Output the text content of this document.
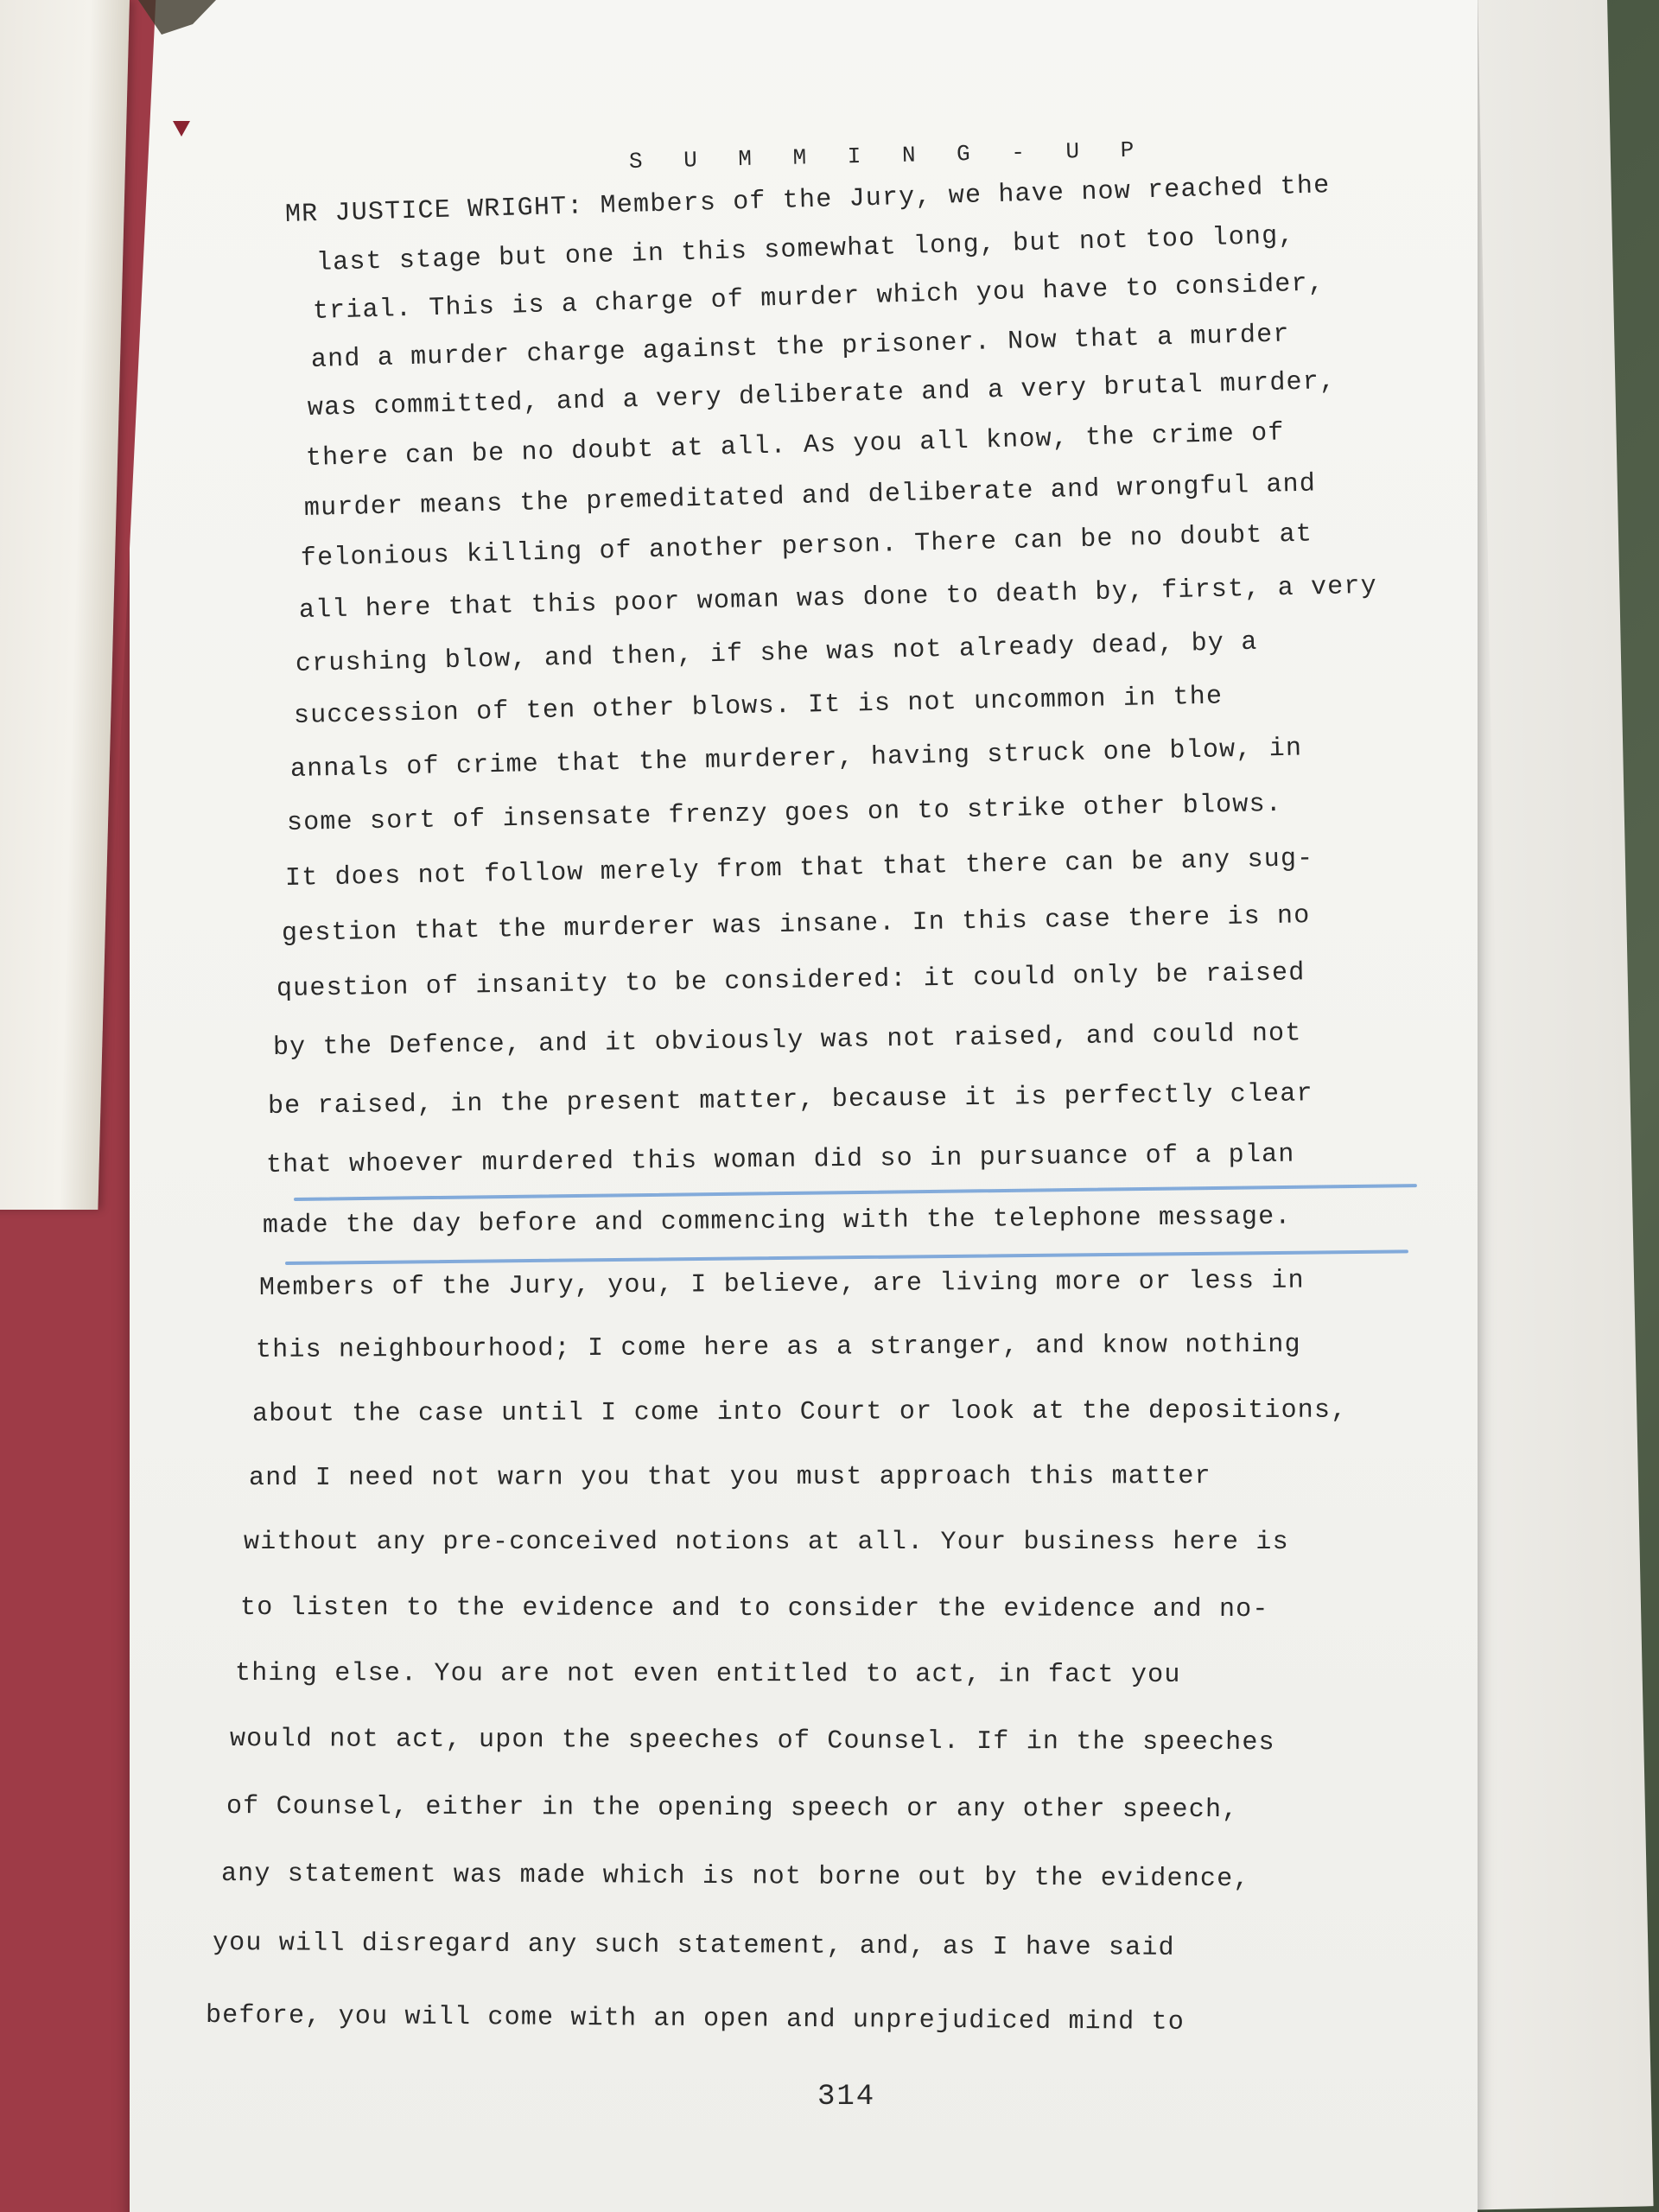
S U M M I N G - U P
MR JUSTICE WRIGHT: Members of the Jury, we have now reached the
last stage but one in this somewhat long, but not too long,
trial. This is a charge of murder which you have to consider,
and a murder charge against the prisoner. Now that a murder
was committed, and a very deliberate and a very brutal murder,
there can be no doubt at all. As you all know, the crime of
murder means the premeditated and deliberate and wrongful and
felonious killing of another person. There can be no doubt at
all here that this poor woman was done to death by, first, a very
crushing blow, and then, if she was not already dead, by a
succession of ten other blows. It is not uncommon in the
annals of crime that the murderer, having struck one blow, in
some sort of insensate frenzy goes on to strike other blows.
It does not follow merely from that that there can be any sug-
gestion that the murderer was insane. In this case there is no
question of insanity to be considered: it could only be raised
by the Defence, and it obviously was not raised, and could not
be raised, in the present matter, because it is perfectly clear
that whoever murdered this woman did so in pursuance of a plan
made the day before and commencing with the telephone message.
Members of the Jury, you, I believe, are living more or less in
this neighbourhood; I come here as a stranger, and know nothing
about the case until I come into Court or look at the depositions,
and I need not warn you that you must approach this matter
without any pre-conceived notions at all. Your business here is
to listen to the evidence and to consider the evidence and no-
thing else. You are not even entitled to act, in fact you
would not act, upon the speeches of Counsel. If in the speeches
of Counsel, either in the opening speech or any other speech,
any statement was made which is not borne out by the evidence,
you will disregard any such statement, and, as I have said
before, you will come with an open and unprejudiced mind to
314
